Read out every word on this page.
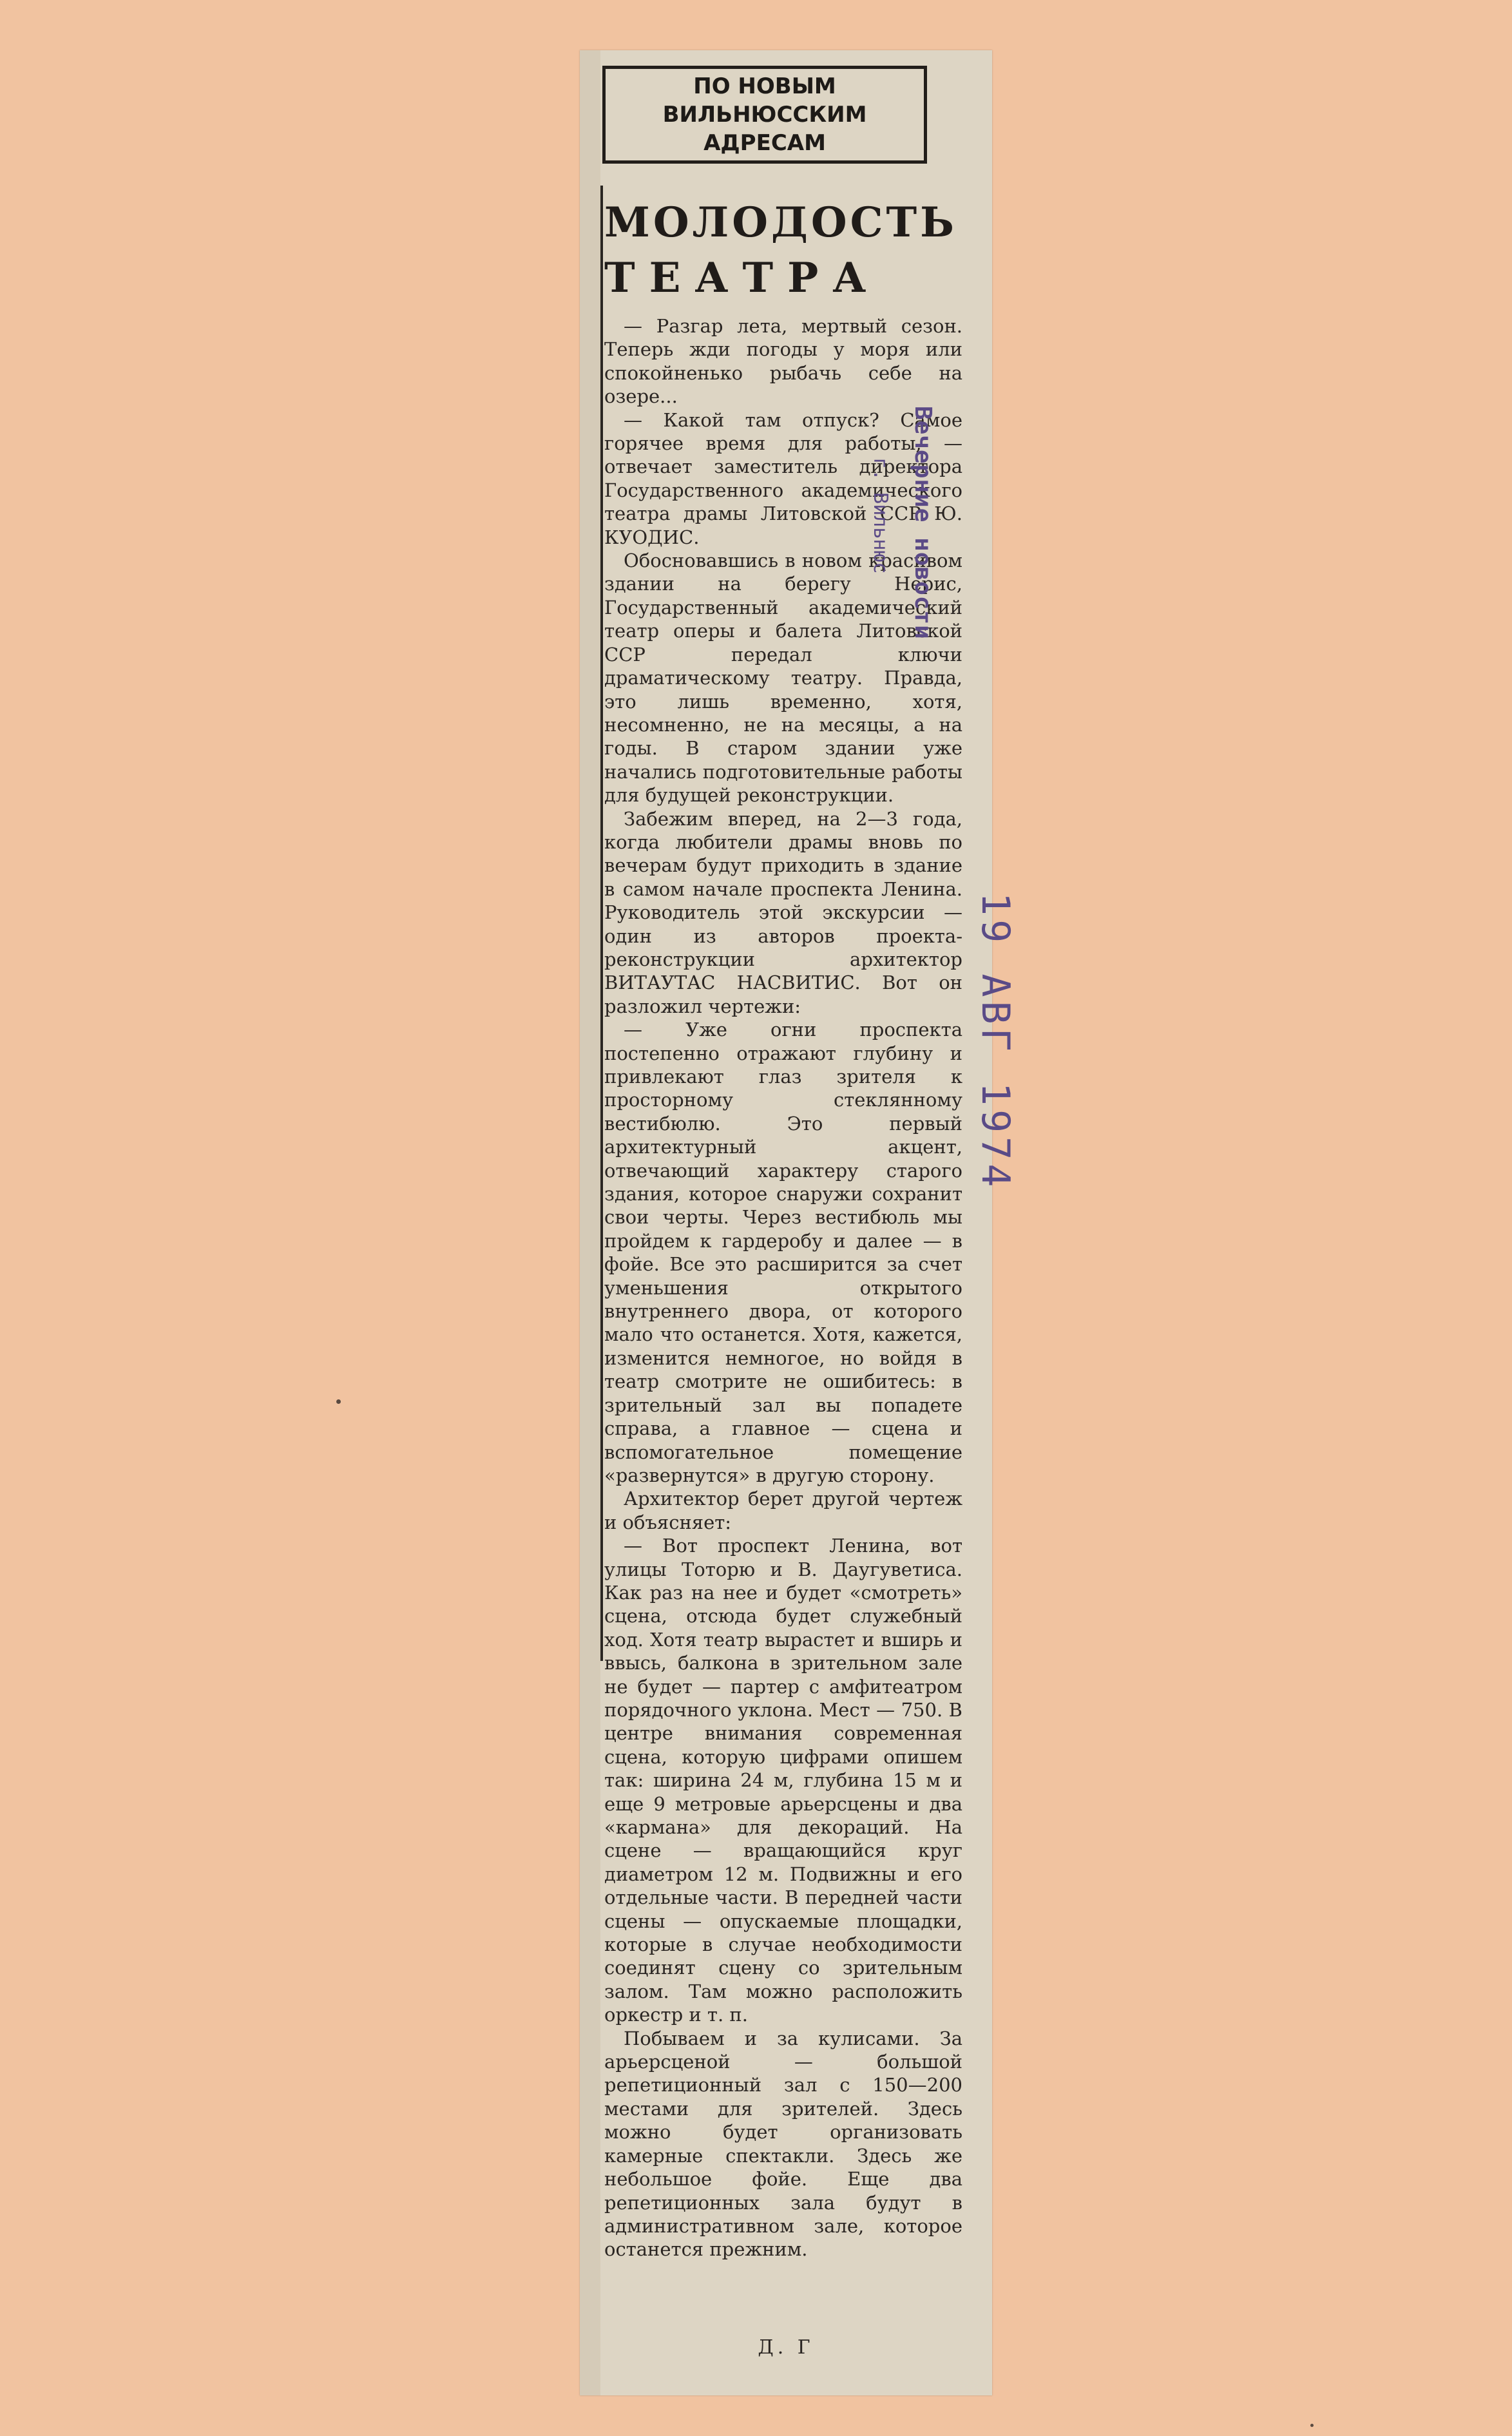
ПО НОВЫМ
ВИЛЬНЮССКИМ
АДРЕСАМ
МОЛОДОСТЬ
ТЕАТРА

— Разгар лета, мертвый сезон. Теперь жди погоды у моря или спокойненько рыбачь себе на озере...

— Какой там отпуск? Самое горячее время для работы, — отвечает заместитель директора Государственного академического театра драмы Литовской ССР Ю. КУОДИС.

Обосновавшись в новом красивом здании на берегу Нерис, Государственный академический театр оперы и балета Литовской ССР передал ключи драматическому театру. Правда, это лишь временно, хотя, несомненно, не на месяцы, а на годы. В старом здании уже начались подготовительные работы для будущей реконструкции.

Забежим вперед, на 2—3 года, когда любители драмы вновь по вечерам будут приходить в здание в самом начале проспекта Ленина. Руководитель этой экскурсии — один из авторов проекта-реконструкции архитектор ВИТАУТАС НАСВИТИС. Вот он разложил чертежи:

— Уже огни проспекта постепенно отражают глубину и привлекают глаз зрителя к просторному стеклянному вестибюлю. Это первый архитектурный акцент, отвечающий характеру старого здания, которое снаружи сохранит свои черты. Через вестибюль мы пройдем к гардеробу и далее — в фойе. Все это расширится за счет уменьшения открытого внутреннего двора, от которого мало что останется. Хотя, кажется, изменится немногое, но войдя в театр смотрите не ошибитесь: в зрительный зал вы попадете справа, а главное — сцена и вспомогательное помещение «развернутся» в другую сторону.

Архитектор берет другой чертеж и объясняет:

— Вот проспект Ленина, вот улицы Тоторю и В. Даугуветиса. Как раз на нее и будет «смотреть» сцена, отсюда будет служебный ход. Хотя театр вырастет и вширь и ввысь, балкона в зрительном зале не будет — партер с амфитеатром порядочного уклона. Мест — 750. В центре внимания современная сцена, которую цифрами опишем так: ширина 24 м, глубина 15 м и еще 9 метровые арьерсцены и два «кармана» для декораций. На сцене — вращающийся круг диаметром 12 м. Подвижны и его отдельные части. В передней части сцены — опускаемые площадки, которые в случае необходимости соединят сцену со зрительным залом. Там можно расположить оркестр и т. п.

Побываем и за кулисами. За арьерсценой — большой репетиционный зал с 150—200 местами для зрителей. Здесь можно будет организовать камерные спектакли. Здесь же небольшое фойе. Еще два репетиционных зала будут в административном зале, которое останется прежним.

Д. Г
Вечерние новости
г. Вильнюс
19 АВГ 1974
